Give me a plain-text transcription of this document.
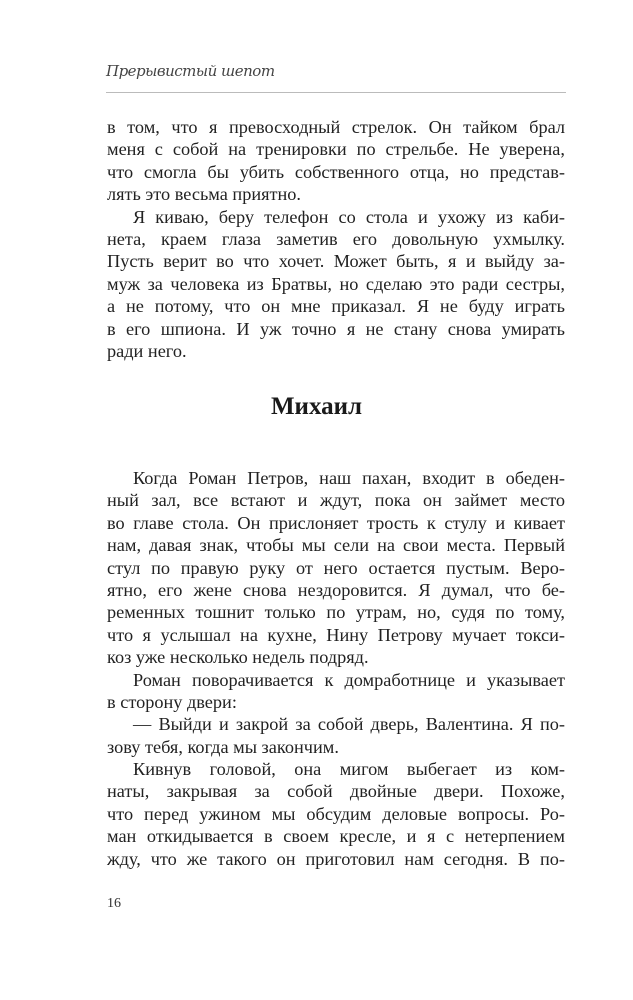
Прерывистый шепот
в том, что я превосходный стрелок. Он тайком брал
меня с собой на тренировки по стрельбе. Не уверена,
что смогла бы убить собственного отца, но представ-
лять это весьма приятно.
Я киваю, беру телефон со стола и ухожу из каби-
нета, краем глаза заметив его довольную ухмылку.
Пусть верит во что хочет. Может быть, я и выйду за-
муж за человека из Братвы, но сделаю это ради сестры,
а не потому, что он мне приказал. Я не буду играть
в его шпиона. И уж точно я не стану снова умирать
ради него.
Михаил
Когда Роман Петров, наш пахан, входит в обеден-
ный зал, все встают и ждут, пока он займет место
во главе стола. Он прислоняет трость к стулу и кивает
нам, давая знак, чтобы мы сели на свои места. Первый
стул по правую руку от него остается пустым. Веро-
ятно, его жене снова нездоровится. Я думал, что бе-
ременных тошнит только по утрам, но, судя по тому,
что я услышал на кухне, Нину Петрову мучает токси-
коз уже несколько недель подряд.
Роман поворачивается к домработнице и указывает
в сторону двери:
— Выйди и закрой за собой дверь, Валентина. Я по-
зову тебя, когда мы закончим.
Кивнув головой, она мигом выбегает из ком-
наты, закрывая за собой двойные двери. Похоже,
что перед ужином мы обсудим деловые вопросы. Ро-
ман откидывается в своем кресле, и я с нетерпением
жду, что же такого он приготовил нам сегодня. В по-
16
